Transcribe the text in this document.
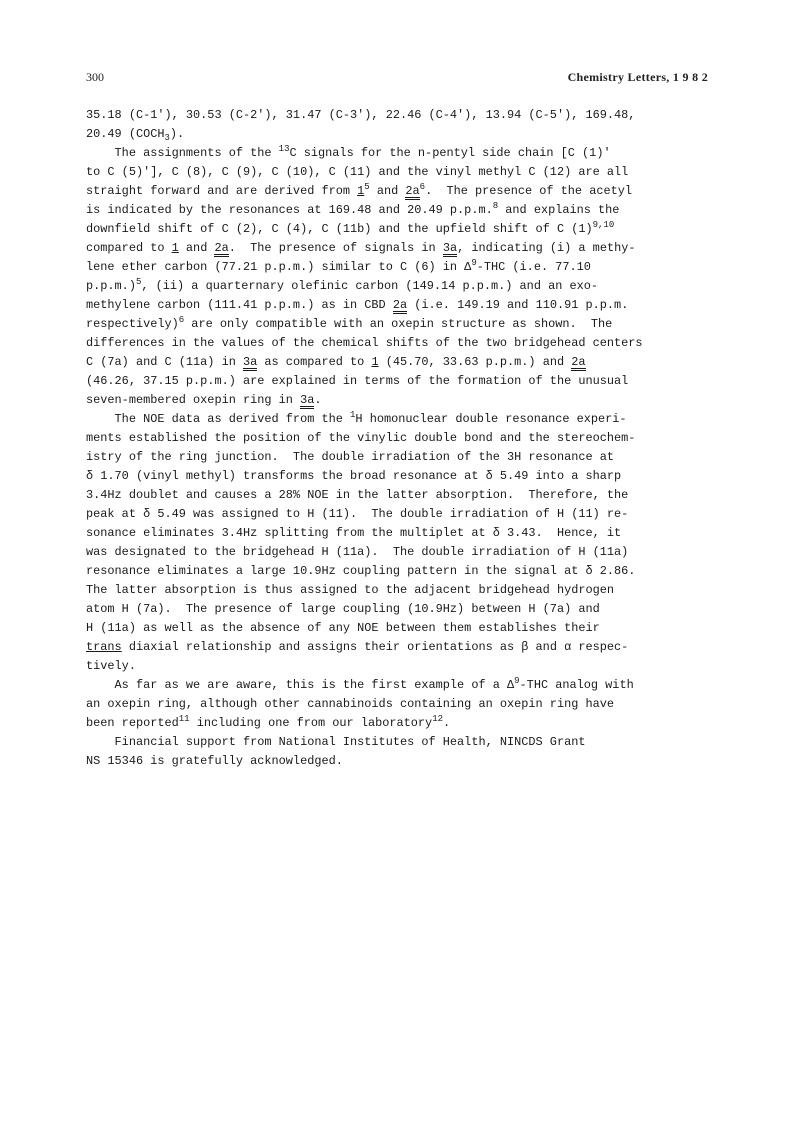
300	Chemistry Letters, 1 9 8 2
35.18 (C-1'), 30.53 (C-2'), 31.47 (C-3'), 22.46 (C-4'), 13.94 (C-5'), 169.48,
20.49 $(COCH_3)$.
The assignments of the $^{13}$C signals for the n-pentyl side chain [C (1)'
to C (5)'], C (8), C (9), C (10), C (11) and the vinyl methyl C (12) are all
straight forward and are derived from $1^5$ and $2a^6$.  The presence of the acetyl
is indicated by the resonances at 169.48 and 20.49 p.p.m.$^8$ and explains the
downfield shift of C (2), C (4), C (11b) and the upfield shift of C $(1)^{9,10}$
compared to 1 and 2a.  The presence of signals in 3a, indicating (i) a methy-
lene ether carbon (77.21 p.p.m.) similar to C (6) in $\Delta^9$-THC (i.e. 77.10
p.p.m.)$^5$, (ii) a quarternary olefinic carbon (149.14 p.p.m.) and an exo-
methylene carbon (111.41 p.p.m.) as in CBD 2a (i.e. 149.19 and 110.91 p.p.m.
respectively)$^6$ are only compatible with an oxepin structure as shown.  The
differences in the values of the chemical shifts of the two bridgehead centers
C (7a) and C (11a) in 3a as compared to 1 (45.70, 33.63 p.p.m.) and 2a
(46.26, 37.15 p.p.m.) are explained in terms of the formation of the unusual
seven-membered oxepin ring in 3a.
The NOE data as derived from the $^1$H homonuclear double resonance experi-
ments established the position of the vinylic double bond and the stereochem-
istry of the ring junction.  The double irradiation of the 3H resonance at
δ 1.70 (vinyl methyl) transforms the broad resonance at δ 5.49 into a sharp
3.4Hz doublet and causes a 28% NOE in the latter absorption.  Therefore, the
peak at δ 5.49 was assigned to H (11).  The double irradiation of H (11) re-
sonance eliminates 3.4Hz splitting from the multiplet at δ 3.43.  Hence, it
was designated to the bridgehead H (11a).  The double irradiation of H (11a)
resonance eliminates a large 10.9Hz coupling pattern in the signal at δ 2.86.
The latter absorption is thus assigned to the adjacent bridgehead hydrogen
atom H (7a).  The presence of large coupling (10.9Hz) between H (7a) and
H (11a) as well as the absence of any NOE between them establishes their
trans diaxial relationship and assigns their orientations as β and α respec-
tively.
As far as we are aware, this is the first example of a $\Delta^9$-THC analog with
an oxepin ring, although other cannabinoids containing an oxepin ring have
been reported$^{11}$ including one from our laboratory$^{12}$.
Financial support from National Institutes of Health, NINCDS Grant
NS 15346 is gratefully acknowledged.
